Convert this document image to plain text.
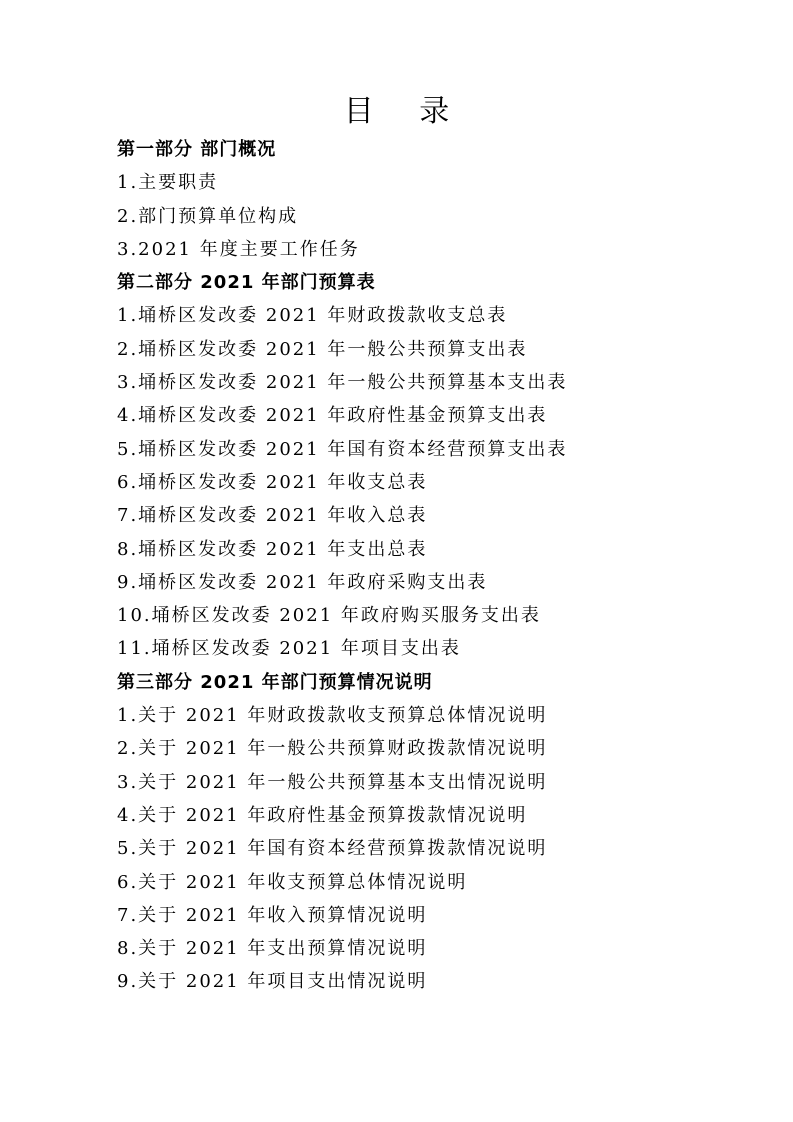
目 录
第一部分 部门概况
1.主要职责
2.部门预算单位构成
3.2021 年度主要工作任务
第二部分 2021 年部门预算表
1.埇桥区发改委 2021 年财政拨款收支总表
2.埇桥区发改委 2021 年一般公共预算支出表
3.埇桥区发改委 2021 年一般公共预算基本支出表
4.埇桥区发改委 2021 年政府性基金预算支出表
5.埇桥区发改委 2021 年国有资本经营预算支出表
6.埇桥区发改委 2021 年收支总表
7.埇桥区发改委 2021 年收入总表
8.埇桥区发改委 2021 年支出总表
9.埇桥区发改委 2021 年政府采购支出表
10.埇桥区发改委 2021 年政府购买服务支出表
11.埇桥区发改委 2021 年项目支出表
第三部分 2021 年部门预算情况说明
1.关于 2021 年财政拨款收支预算总体情况说明
2.关于 2021 年一般公共预算财政拨款情况说明
3.关于 2021 年一般公共预算基本支出情况说明
4.关于 2021 年政府性基金预算拨款情况说明
5.关于 2021 年国有资本经营预算拨款情况说明
6.关于 2021 年收支预算总体情况说明
7.关于 2021 年收入预算情况说明
8.关于 2021 年支出预算情况说明
9.关于 2021 年项目支出情况说明
